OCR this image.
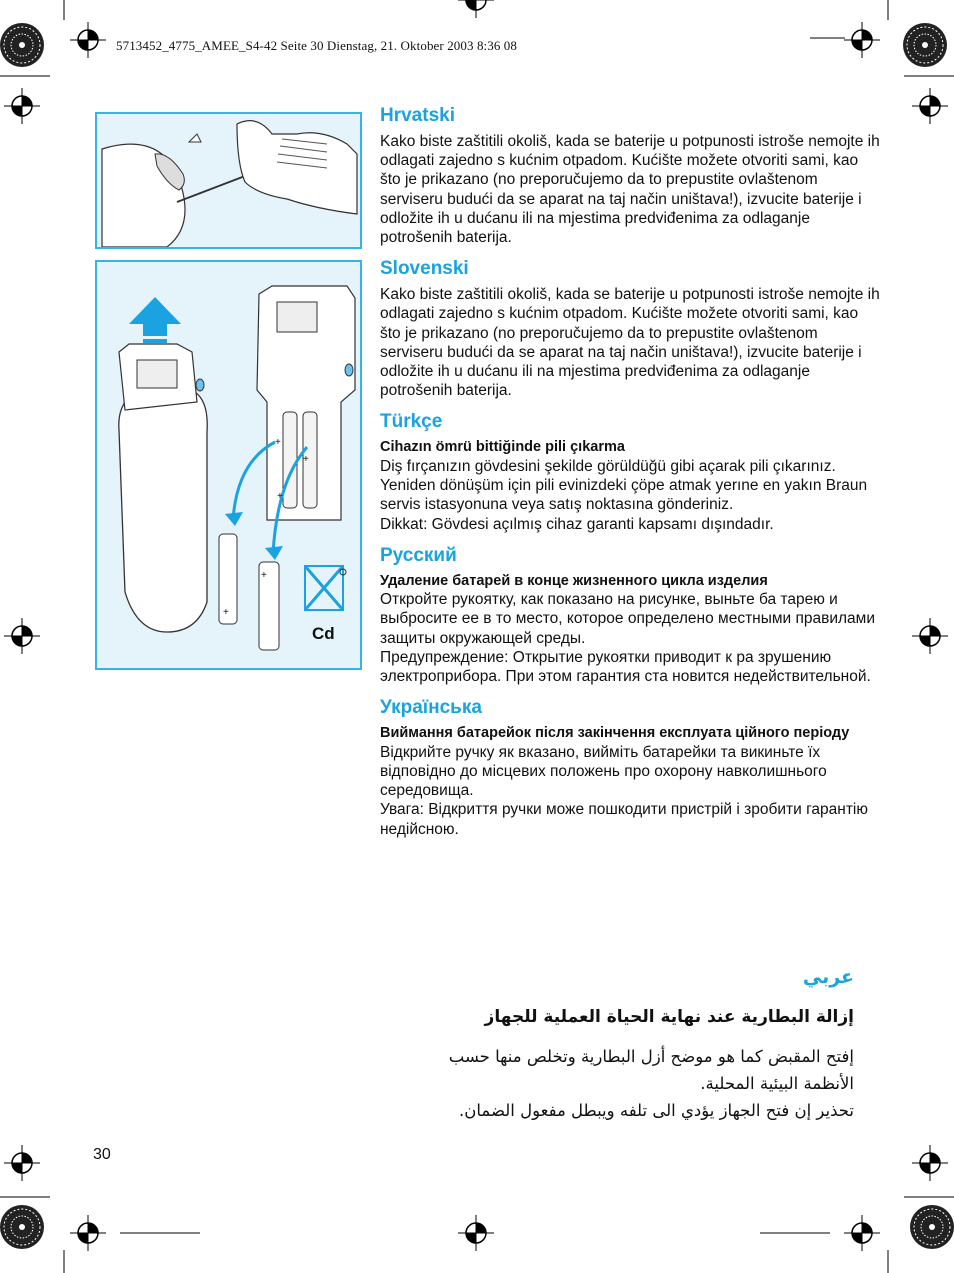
5713452_4775_AMEE_S4-42 Seite 30 Dienstag, 21. Oktober 2003 8:36 08
+
+
+
+
+
Cd
Hrvatski

Kako biste zaštitili okoliš, kada se baterije u potpunosti istroše nemojte ih odlagati zajedno s kućnim otpadom. Kućište možete otvoriti sami, kao što je prikazano (no preporučujemo da to prepustite ovlaštenom serviseru budući da se aparat na taj način uništava!), izvucite baterije i odložite ih u dućanu ili na mjestima predviđenima za odlaganje potrošenih baterija.

Slovenski

Kako biste zaštitili okoliš, kada se baterije u potpunosti istroše nemojte ih odlagati zajedno s kućnim otpadom. Kućište možete otvoriti sami, kao što je prikazano (no preporučujemo da to prepustite ovlaštenom serviseru budući da se aparat na taj način uništava!), izvucite baterije i odložite ih u dućanu ili na mjestima predviđenima za odlaganje potrošenih baterija.

Türkçe

Cihazın ömrü bittiğinde pili çıkarma

Diş fırçanızın gövdesini şekilde görüldüğü gibi açarak pili çıkarınız. Yeniden dönüşüm için pili evinizdeki çöpe atmak yerıne en yakın Braun servis istasyonuna veya satış noktasına gönderiniz.

Dikkat: Gövdesi açılmış cihaz garanti kapsamı dışındadır.

Русский

Удаление батарей в конце жизненного цикла изделия

Откройте рукоятку, как показано на рисунке, выньте ба тарею и выбросите ее в то место, которое определено местными правилами защиты окружающей среды.

Предупреждение: Открытие рукоятки приводит к ра зрушению электроприбора. При этом гарантия ста новится недействительной.

Українська

Виймання батарейок після закінчення експлуата ційного періоду

Відкрийте ручку як вказано, вийміть батарейки та викиньте їх відповідно до місцевих положень про охорону навколишнього середовища.

Увага: Відкриття ручки може пошкодити пристрій і зробити гарантію недійсною.

عربي
إزالة البطارية عند نهاية الحياة العملية للجهاز
إفتح المقبض كما هو موضح أزل البطارية وتخلص منها حسب الأنظمة البيئية المحلية.
تحذير إن فتح الجهاز يؤدي الى تلفه ويبطل مفعول الضمان.
30
